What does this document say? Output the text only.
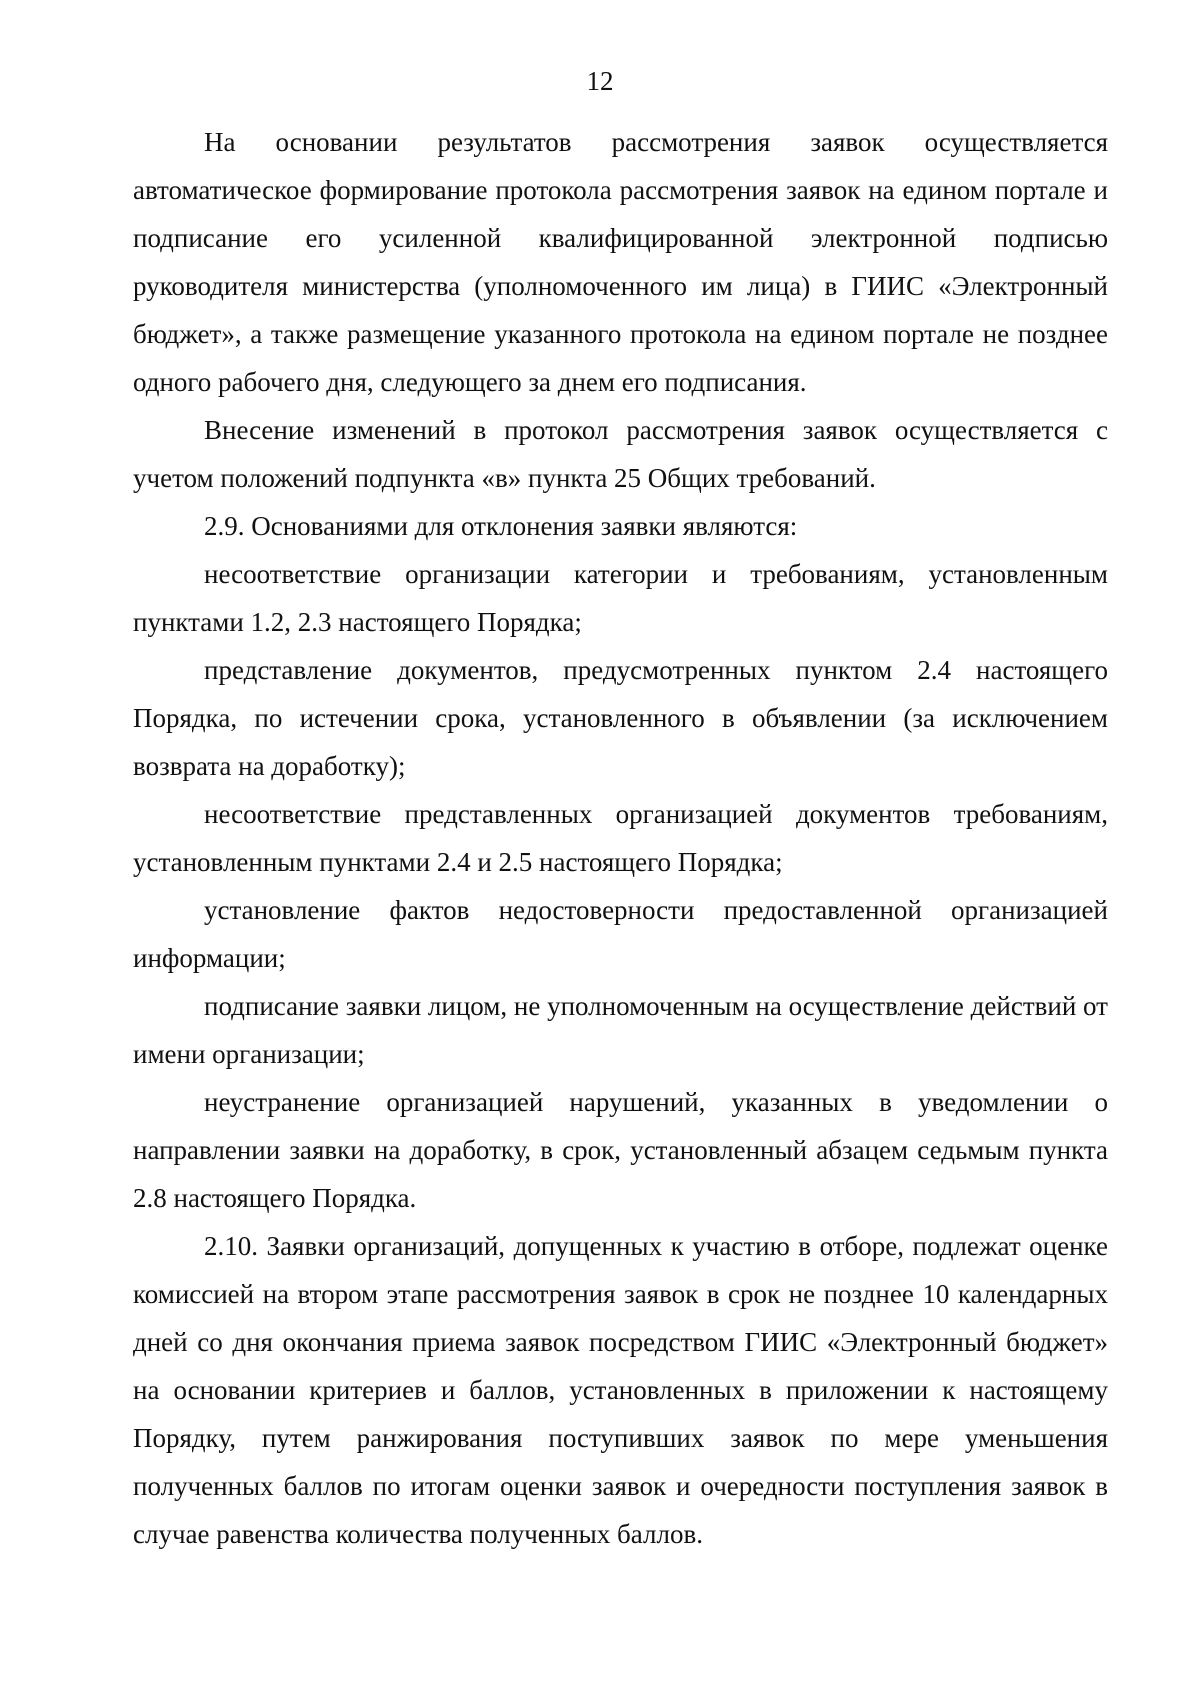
12

На основании результатов рассмотрения заявок осуществляется автоматическое формирование протокола рассмотрения заявок на едином портале и подписание его усиленной квалифицированной электронной подписью руководителя министерства (уполномоченного им лица) в ГИИС «Электронный бюджет», а также размещение указанного протокола на едином портале не позднее одного рабочего дня, следующего за днем его подписания.

Внесение изменений в протокол рассмотрения заявок осуществляется с учетом положений подпункта «в» пункта 25 Общих требований.

2.9. Основаниями для отклонения заявки являются:

несоответствие организации категории и требованиям, установленным пунктами 1.2, 2.3 настоящего Порядка;

представление документов, предусмотренных пунктом 2.4 настоящего Порядка, по истечении срока, установленного в объявлении (за исключением возврата на доработку);

несоответствие представленных организацией документов требованиям, установленным пунктами 2.4 и 2.5 настоящего Порядка;

установление фактов недостоверности предоставленной организацией информации;

подписание заявки лицом, не уполномоченным на осуществление действий от имени организации;

неустранение организацией нарушений, указанных в уведомлении о направлении заявки на доработку, в срок, установленный абзацем седьмым пункта 2.8 настоящего Порядка.

2.10. Заявки организаций, допущенных к участию в отборе, подлежат оценке комиссией на втором этапе рассмотрения заявок в срок не позднее 10 календарных дней со дня окончания приема заявок посредством ГИИС «Электронный бюджет» на основании критериев и баллов, установленных в приложении к настоящему Порядку, путем ранжирования поступивших заявок по мере уменьшения полученных баллов по итогам оценки заявок и очередности поступления заявок в случае равенства количества полученных баллов.
